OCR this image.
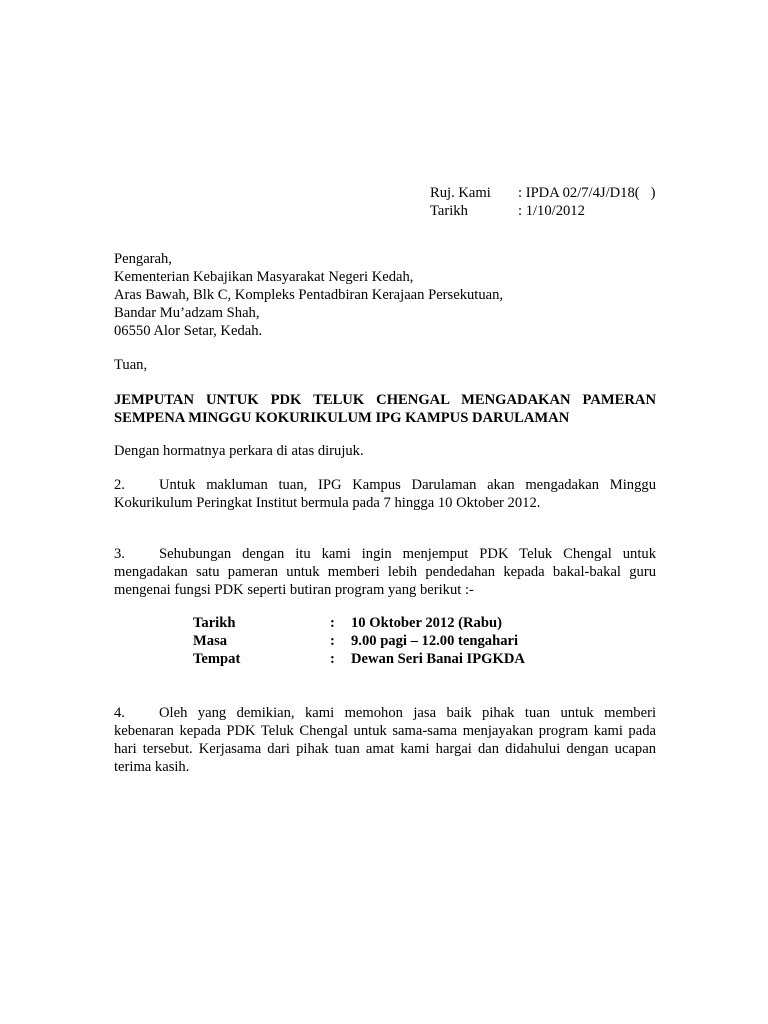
Ruj. Kami	: IPDA 02/7/4J/D18(   )
Tarikh	: 1/10/2012
Pengarah,
Kementerian Kebajikan Masyarakat Negeri Kedah,
Aras Bawah, Blk C, Kompleks Pentadbiran Kerajaan Persekutuan,
Bandar Mu’adzam Shah,
06550 Alor Setar, Kedah.
Tuan,
JEMPUTAN UNTUK PDK TELUK CHENGAL MENGADAKAN PAMERAN
SEMPENA MINGGU KOKURIKULUM IPG KAMPUS DARULAMAN
Dengan hormatnya perkara di atas dirujuk.
2. Untuk makluman tuan, IPG Kampus Darulaman akan mengadakan Minggu
Kokurikulum Peringkat Institut bermula pada 7 hingga 10 Oktober 2012.
3. Sehubungan dengan itu kami ingin menjemput PDK Teluk Chengal untuk
mengadakan satu pameran untuk memberi lebih pendedahan kepada bakal-bakal guru
mengenai fungsi PDK seperti butiran program yang berikut :-
Tarikh	:	10 Oktober 2012 (Rabu)
Masa	:	9.00 pagi – 12.00 tengahari
Tempat	:	Dewan Seri Banai IPGKDA
4. Oleh yang demikian, kami memohon jasa baik pihak tuan untuk memberi
kebenaran kepada PDK Teluk Chengal untuk sama-sama menjayakan program kami pada
hari tersebut. Kerjasama dari pihak tuan amat kami hargai dan didahului dengan ucapan
terima kasih.
